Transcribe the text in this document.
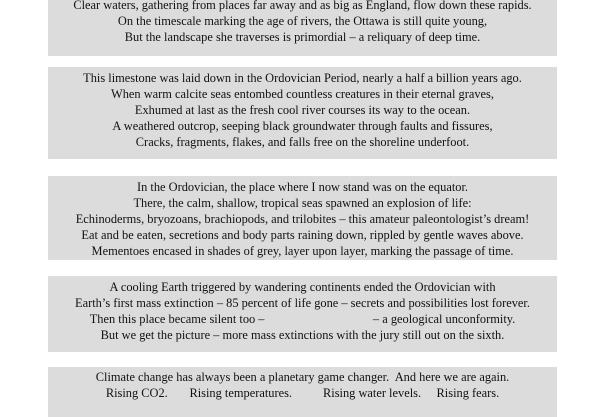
Clear waters, gathering from places far away and as big as England, flow down these rapids.
On the timescale marking the age of rivers, the Ottawa is still quite young,
But the landscape she traverses is primordial – a reliquary of deep time.
This limestone was laid down in the Ordovician Period, nearly a half a billion years ago.
When warm calcite seas entombed countless creatures in their eternal graves,
Exhumed at last as the fresh cool river courses its way to the ocean.
A weathered outcrop, seeping black groundwater through faults and fissures,
Cracks, fragments, flakes, and falls free on the shoreline underfoot.
In the Ordovician, the place where I now stand was on the equator.
There, the calm, shallow, tropical seas spawned an explosion of life:
Echinoderms, bryozoans, brachiopods, and trilobites – this amateur paleontologist’s dream!
Eat and be eaten, secretions and body parts raining down, rippled by gentle waves above.
Mementoes encased in shades of grey, layer upon layer, marking the passage of time.
A cooling Earth triggered by wandering continents ended the Ordovician with
Earth’s first mass extinction – 85 percent of life gone – secrets and possibilities lost forever.
Then this place became silent too –                                   – a geological unconformity.
But we get the picture – more mass extinctions with the jury still out on the sixth.
Climate change has always been a planetary game changer.  And here we are again.
Rising CO2.       Rising temperatures.          Rising water levels.     Rising fears.
